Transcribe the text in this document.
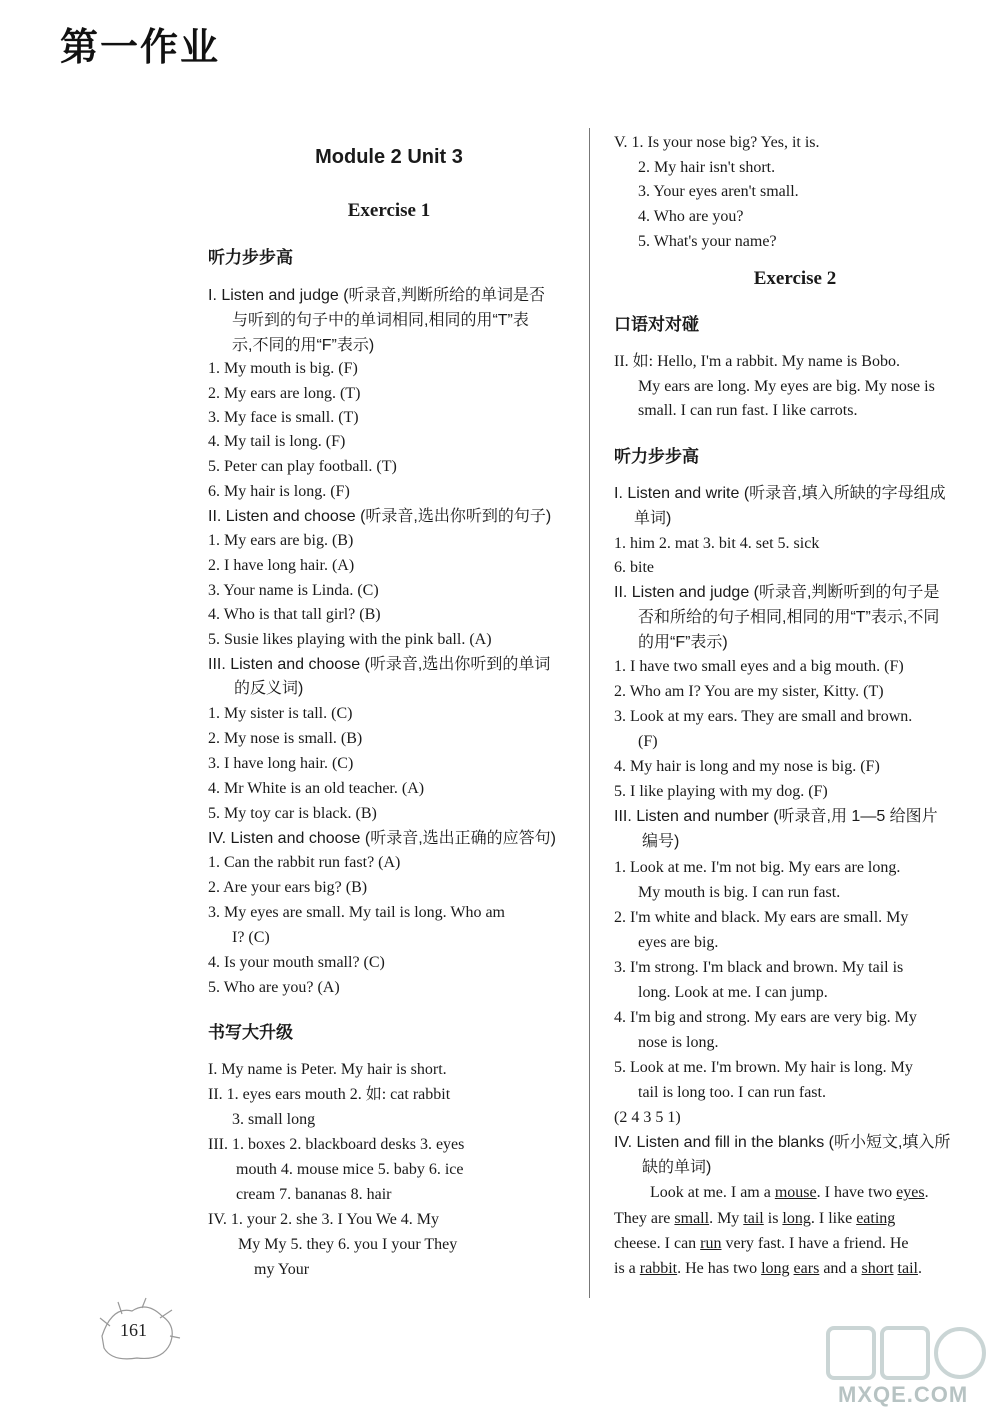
第一作业
Module 2 Unit 3
Exercise 1
听力步步高
I. Listen and judge (听录音,判断所给的单词是否
与听到的句子中的单词相同,相同的用“T”表
示,不同的用“F”表示)
1. My mouth is big. (F)
2. My ears are long. (T)
3. My face is small. (T)
4. My tail is long. (F)
5. Peter can play football. (T)
6. My hair is long. (F)
II. Listen and choose (听录音,选出你听到的句子)
1. My ears are big. (B)
2. I have long hair. (A)
3. Your name is Linda. (C)
4. Who is that tall girl? (B)
5. Susie likes playing with the pink ball. (A)
III. Listen and choose (听录音,选出你听到的单词
的反义词)
1. My sister is tall. (C)
2. My nose is small. (B)
3. I have long hair. (C)
4. Mr White is an old teacher. (A)
5. My toy car is black. (B)
IV. Listen and choose (听录音,选出正确的应答句)
1. Can the rabbit run fast? (A)
2. Are your ears big? (B)
3. My eyes are small. My tail is long. Who am
I? (C)
4. Is your mouth small? (C)
5. Who are you? (A)
书写大升级
I. My name is Peter. My hair is short.
II. 1. eyes ears mouth 2. 如: cat rabbit
3. small long
III. 1. boxes 2. blackboard desks 3. eyes
mouth 4. mouse mice 5. baby 6. ice
cream 7. bananas 8. hair
IV. 1. your 2. she 3. I You We 4. My
My My 5. they 6. you I your They
my Your
Look at me. I am a mouse. I have two eyes.
They are small. My tail is long. I like eating
cheese. I can run very fast. I have a friend. He
is a rabbit. He has two long ears and a short tail.
V. 1. Is your nose big? Yes, it is.
2. My hair isn't short.
3. Your eyes aren't small.
4. Who are you?
5. What's your name?
Exercise 2
口语对对碰
II. 如: Hello, I'm a rabbit. My name is Bobo.
My ears are long. My eyes are big. My nose is
small. I can run fast. I like carrots.
听力步步高
I. Listen and write (听录音,填入所缺的字母组成
单词)
1. him 2. mat 3. bit 4. set 5. sick
6. bite
II. Listen and judge (听录音,判断听到的句子是
否和所给的句子相同,相同的用“T”表示,不同
的用“F”表示)
1. I have two small eyes and a big mouth. (F)
2. Who am I? You are my sister, Kitty. (T)
3. Look at my ears. They are small and brown.
(F)
4. My hair is long and my nose is big. (F)
5. I like playing with my dog. (F)
III. Listen and number (听录音,用 1—5 给图片
编号)
1. Look at me. I'm not big. My ears are long.
My mouth is big. I can run fast.
2. I'm white and black. My ears are small. My
eyes are big.
3. I'm strong. I'm black and brown. My tail is
long. Look at me. I can jump.
4. I'm big and strong. My ears are very big. My
nose is long.
5. Look at me. I'm brown. My hair is long. My
tail is long too. I can run fast.
(2 4 3 5 1)
IV. Listen and fill in the blanks (听小短文,填入所
缺的单词)
161
MXQE.COM
